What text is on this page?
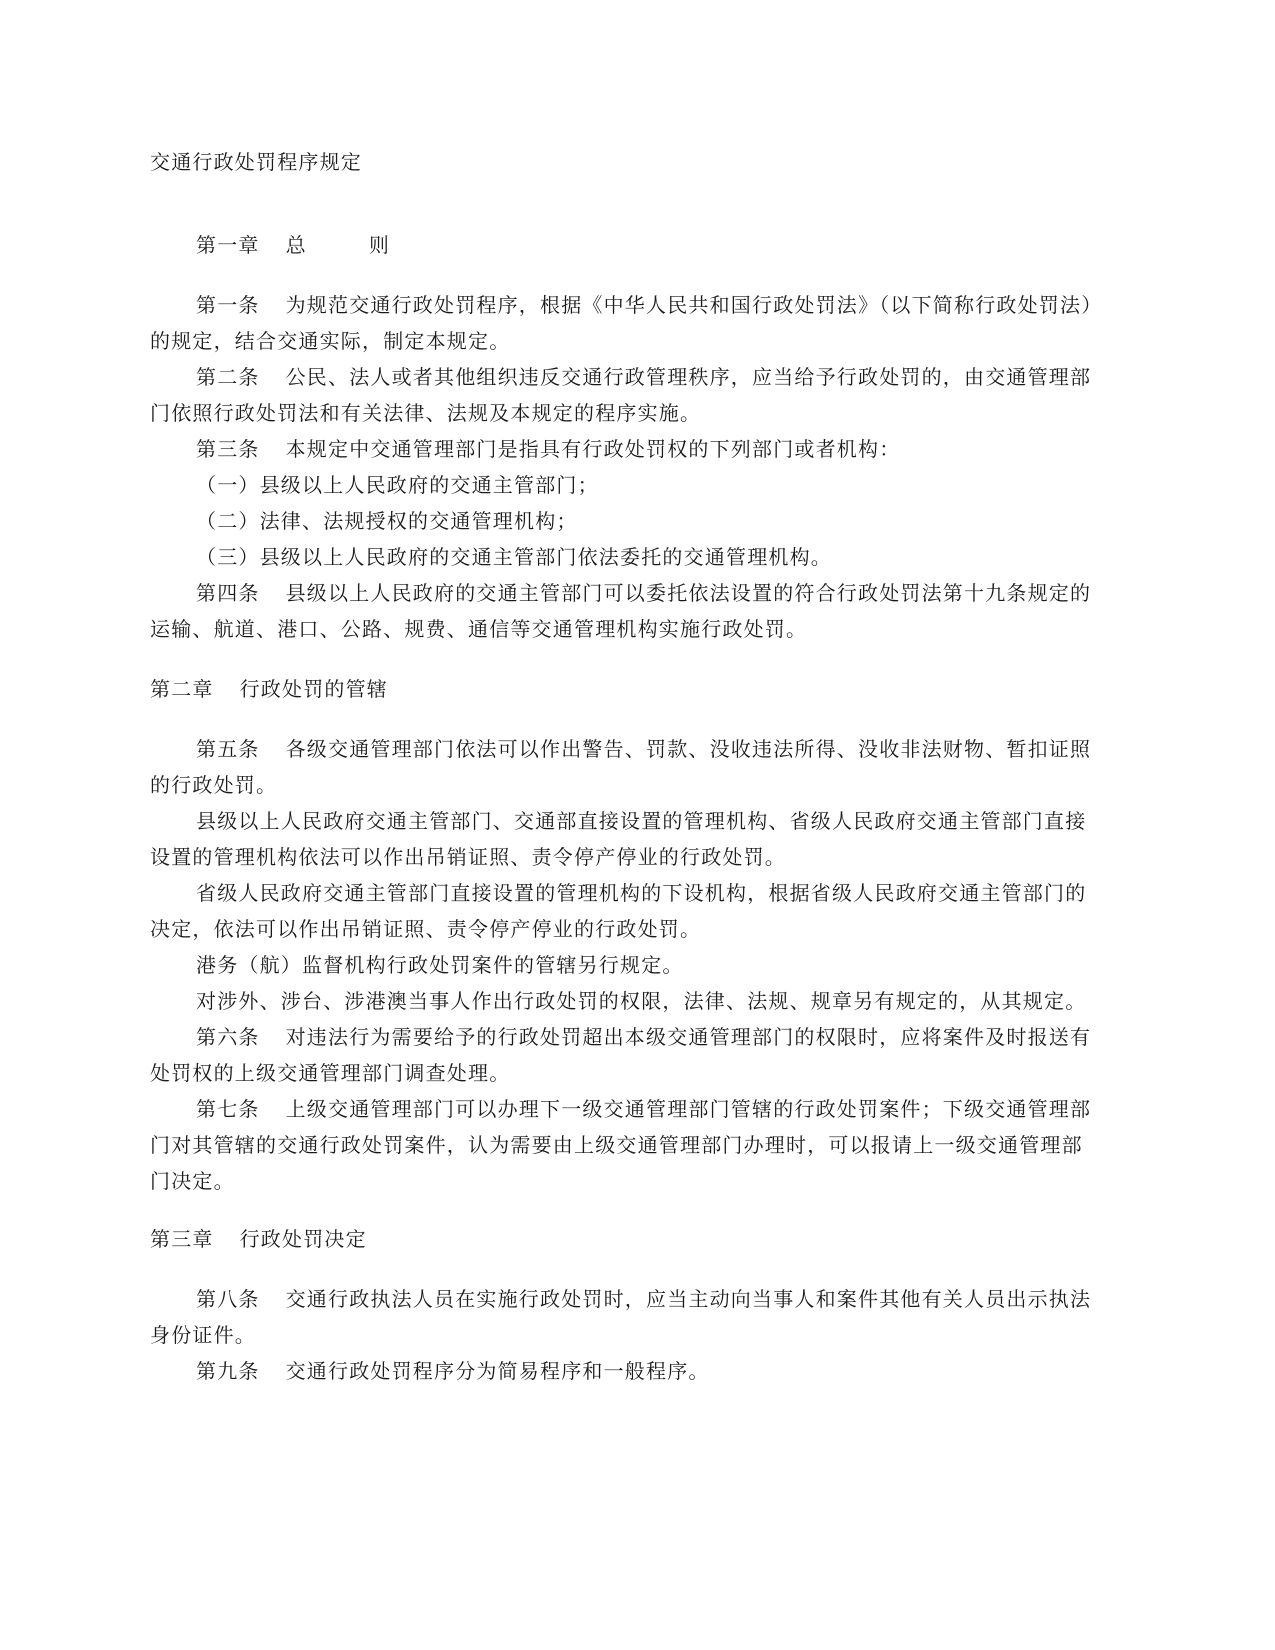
交通行政处罚程序规定
第一章 总	则
第一条 为规范交通行政处罚程序，根据《中华人民共和国行政处罚法》（以下简称行政处罚法）
的规定，结合交通实际，制定本规定。
第二条 公民、法人或者其他组织违反交通行政管理秩序，应当给予行政处罚的，由交通管理部
门依照行政处罚法和有关法律、法规及本规定的程序实施。
第三条 本规定中交通管理部门是指具有行政处罚权的下列部门或者机构：
（一）县级以上人民政府的交通主管部门；
（二）法律、法规授权的交通管理机构；
（三）县级以上人民政府的交通主管部门依法委托的交通管理机构。
第四条 县级以上人民政府的交通主管部门可以委托依法设置的符合行政处罚法第十九条规定的
运输、航道、港口、公路、规费、通信等交通管理机构实施行政处罚。
第二章 行政处罚的管辖
第五条 各级交通管理部门依法可以作出警告、罚款、没收违法所得、没收非法财物、暂扣证照
的行政处罚。
县级以上人民政府交通主管部门、交通部直接设置的管理机构、省级人民政府交通主管部门直接
设置的管理机构依法可以作出吊销证照、责令停产停业的行政处罚。
省级人民政府交通主管部门直接设置的管理机构的下设机构，根据省级人民政府交通主管部门的
决定，依法可以作出吊销证照、责令停产停业的行政处罚。
港务（航）监督机构行政处罚案件的管辖另行规定。
对涉外、涉台、涉港澳当事人作出行政处罚的权限，法律、法规、规章另有规定的，从其规定。
第六条 对违法行为需要给予的行政处罚超出本级交通管理部门的权限时，应将案件及时报送有
处罚权的上级交通管理部门调查处理。
第七条 上级交通管理部门可以办理下一级交通管理部门管辖的行政处罚案件；下级交通管理部
门对其管辖的交通行政处罚案件，认为需要由上级交通管理部门办理时，可以报请上一级交通管理部
门决定。
第三章 行政处罚决定
第八条 交通行政执法人员在实施行政处罚时，应当主动向当事人和案件其他有关人员出示执法
身份证件。
第九条 交通行政处罚程序分为简易程序和一般程序。
